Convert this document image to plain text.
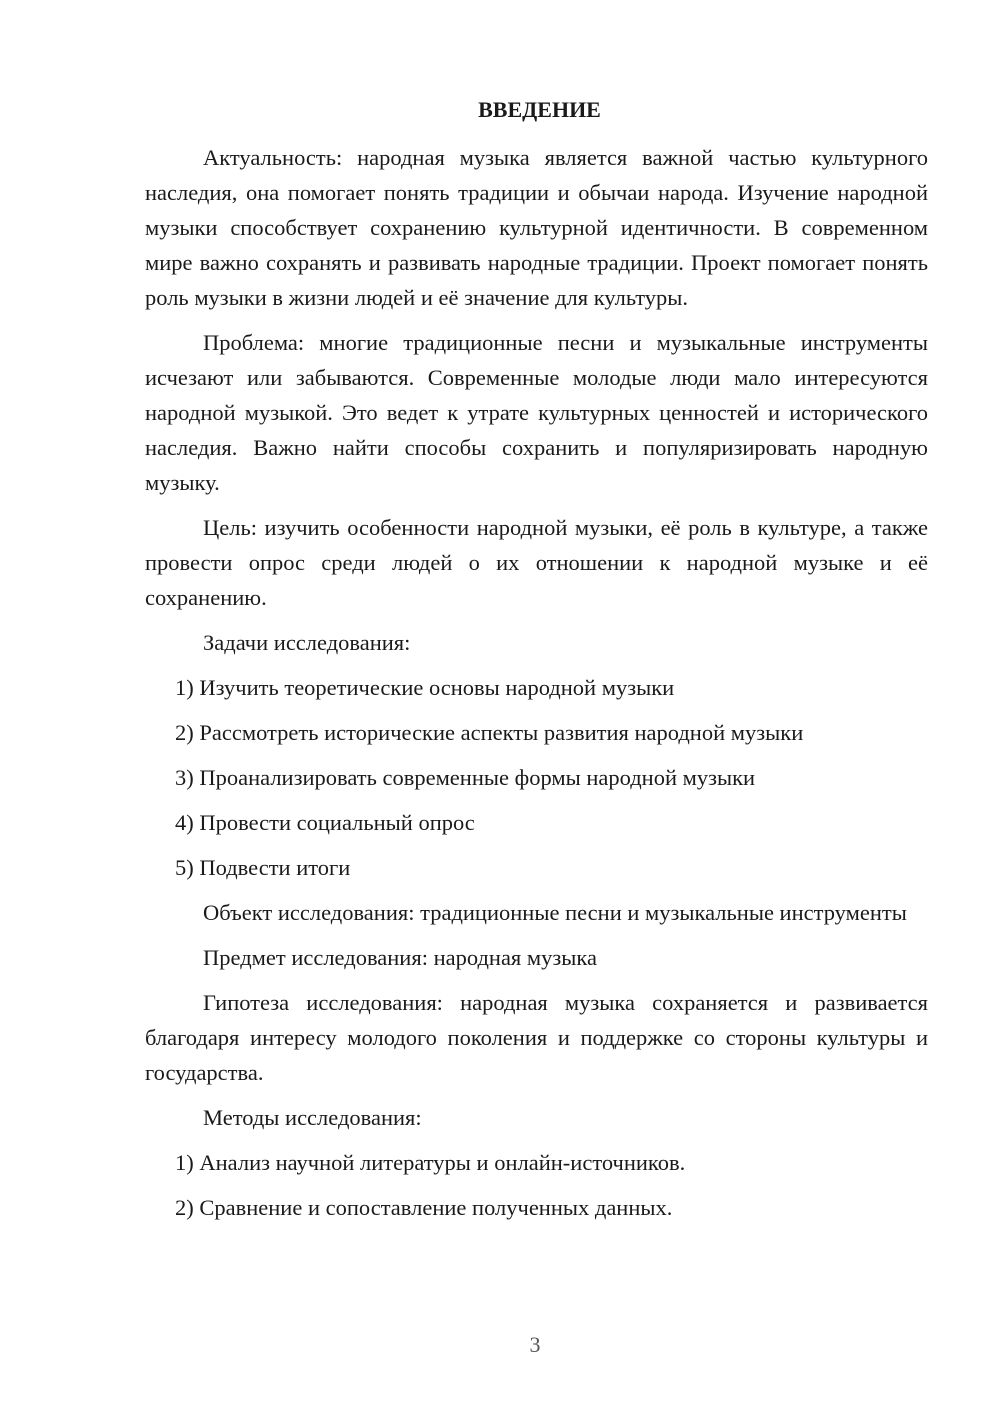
ВВЕДЕНИЕ

Актуальность: народная музыка является важной частью культурного наследия, она помогает понять традиции и обычаи народа. Изучение народной музыки способствует сохранению культурной идентичности. В современном мире важно сохранять и развивать народные традиции. Проект помогает понять роль музыки в жизни людей и её значение для культуры.

Проблема: многие традиционные песни и музыкальные инструменты исчезают или забываются. Современные молодые люди мало интересуются народной музыкой. Это ведет к утрате культурных ценностей и исторического наследия. Важно найти способы сохранить и популяризировать народную музыку.

Цель: изучить особенности народной музыки, её роль в культуре, а также провести опрос среди людей о их отношении к народной музыке и её сохранению.

Задачи исследования:

1) Изучить теоретические основы народной музыки

2) Рассмотреть исторические аспекты развития народной музыки

3) Проанализировать современные формы народной музыки

4) Провести социальный опрос

5) Подвести итоги

Объект исследования: традиционные песни и музыкальные инструменты

Предмет исследования: народная музыка

Гипотеза исследования: народная музыка сохраняется и развивается благодаря интересу молодого поколения и поддержке со стороны культуры и государства.

Методы исследования:

1) Анализ научной литературы и онлайн-источников.

2) Сравнение и сопоставление полученных данных.

3
